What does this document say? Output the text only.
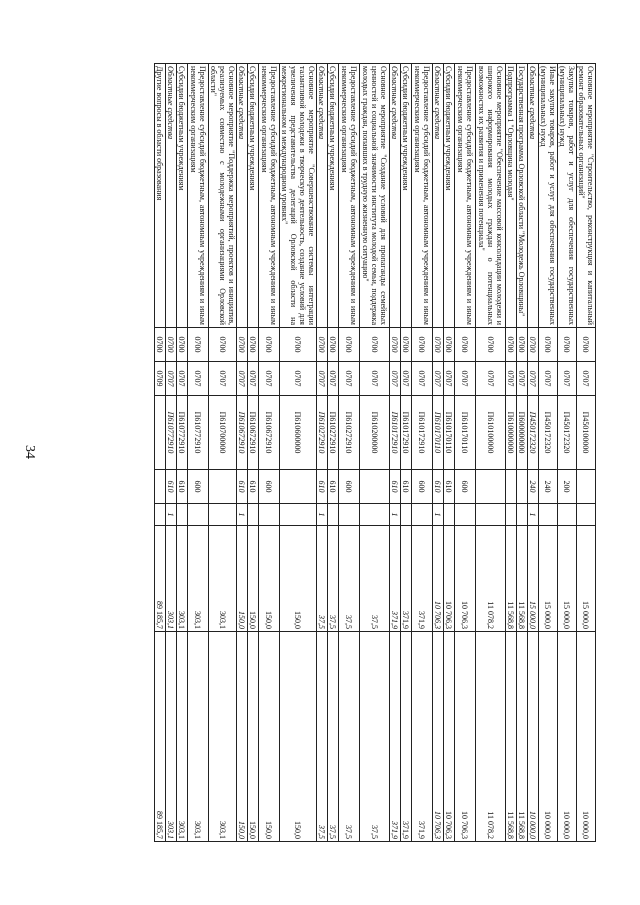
34
Основное мероприятие "Строительство, реконструкция и капитальный ремонт образовательных организаций"	0700	0707	П450100000			15 000,0	10 000,0
Закупка товаров, работ и услуг для обеспечения государственных (муниципальных) нужд	0700	0707	П450172320	200		15 000,0	10 000,0
Иные закупки товаров, работ и услуг для обеспечения государственных (муниципальных) нужд	0700	0707	П450172320	240		15 000,0	10 000,0
Областные средства	0700	0707	П450172320	240	1	15 000,0	10 000,0
Государственная программа Орловской области "Молодежь Орловщины"	0700	0707	П600000000			11 568,8	11 568,8
Подпрограмма 1 "Орловщина молодая"	0700	0707	П610000000			11 568,8	11 568,8
Основное мероприятие "Обеспечение массовой консолидации молодежи и широкого информирования молодых граждан о потенциальных возможностях их развития и применения потенциала"	0700	0707	П610100000			11 078,2	11 078,2
Предоставление субсидий бюджетным, автономным учреждениям и иным некоммерческим организациям	0700	0707	П610170110	600		10 706,3	10 706,3
Субсидии бюджетным учреждениям	0700	0707	П610170110	610		10 706,3	10 706,3
Областные средства	0700	0707	П610170110	610	1	10 706,3	10 706,3
Предоставление субсидий бюджетным, автономным учреждениям и иным некоммерческим организациям	0700	0707	П610172910	600		371,9	371,9
Субсидии бюджетным учреждениям	0700	0707	П610172910	610		371,9	371,9
Областные средства	0700	0707	П610172910	610	1	371,9	371,9
Основное мероприятие "Создание условий для пропаганды семейных ценностей и социальной значимости института молодой семьи, поддержка молодых граждан, попавших в трудную жизненную ситуацию"	0700	0707	П610200000			37,5	37,5
Предоставление субсидий бюджетным, автономным учреждениям и иным некоммерческим организациям	0700	0707	П610272910	600		37,5	37,5
Субсидии бюджетным учреждениям	0700	0707	П610272910	610		37,5	37,5
Областные средства	0700	0707	П610272910	610	1	37,5	37,5
Основное мероприятие "Совершенствование системы интеграции талантливой молодежи в творческую деятельность, создание условий для увеличения представительства делегаций Орловской области на межрегиональном и международном уровнях"	0700	0707	П610600000			150,0	150,0
Предоставление субсидий бюджетным, автономным учреждениям и иным некоммерческим организациям	0700	0707	П610672910	600		150,0	150,0
Субсидии бюджетным учреждениям	0700	0707	П610672910	610		150,0	150,0
Областные средства	0700	0707	П610672910	610	1	150,0	150,0
Основное мероприятие "Поддержка мероприятий, проектов и инициатив, реализуемых совместно с молодежными организациями Орловской области"	0700	0707	П610700000			303,1	303,1
Предоставление субсидий бюджетным, автономным учреждениям и иным некоммерческим организациям	0700	0707	П610772910	600		303,1	303,1
Субсидии бюджетным учреждениям	0700	0707	П610772910	610		303,1	303,1
Областные средства	0700	0707	П610772910	610	1	303,1	303,1
Другие вопросы в области образования	0700	0709				89 185,7	89 185,7
